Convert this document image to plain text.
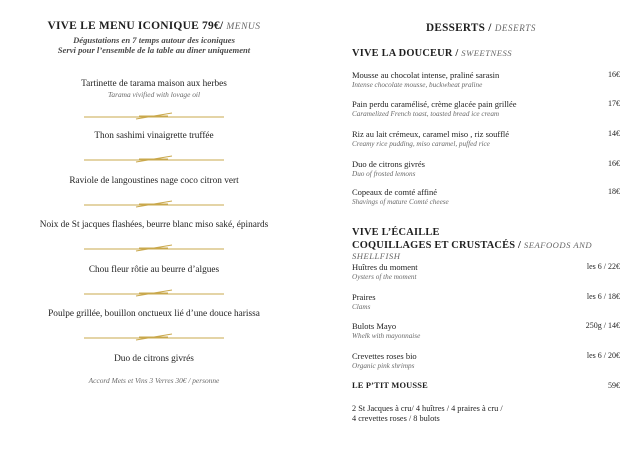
VIVE LE MENU ICONIQUE 79€/ MENUS
Dégustations en 7 temps autour des iconiques
Servi pour l’ensemble de la table au diner uniquement
Tartinette de tarama maison aux herbes
Tarama vivified with lovage oil
Thon sashimi vinaigrette truffée
Raviole de langoustines nage coco citron vert
Noix de St jacques flashées, beurre blanc miso saké, épinards
Chou fleur rôtie au beurre d’algues
Poulpe grillée, bouillon onctueux lié d’une douce harissa
Duo de citrons givrés
Accord Mets et Vins 3 Verres 30€ / personne
DESSERTS / DESERTS
VIVE LA DOUCEUR / SWEETNESS
Mousse au chocolat intense, praliné sarasin
Intense chocolate mousse, buckwheat praline
16€
Pain perdu caramélisé, crème glacée pain grillée
Caramelized French toast, toasted bread ice cream
17€
Riz au lait crémeux, caramel miso , riz soufflé
Creamy rice pudding, miso caramel, puffed rice
14€
Duo de citrons givrés
Duo of frosted lemons
16€
Copeaux de comté affiné
Shavings of mature Comté cheese
18€
VIVE L’ÉCAILLE
COQUILLAGES ET CRUSTACÉS / SEAFOODS AND SHELLFISH
Huîtres du moment
Oysters of the moment
les 6 / 22€
Praires
Clams
les 6 / 18€
Bulots Mayo
Whelk with mayonnaise
250g / 14€
Crevettes roses bio
Organic pink shrimps
les 6 / 20€
LE P’TIT MOUSSE	59€
2 St Jacques à cru/ 4 huîtres / 4 praires à cru /
4 crevettes roses / 8 bulots
